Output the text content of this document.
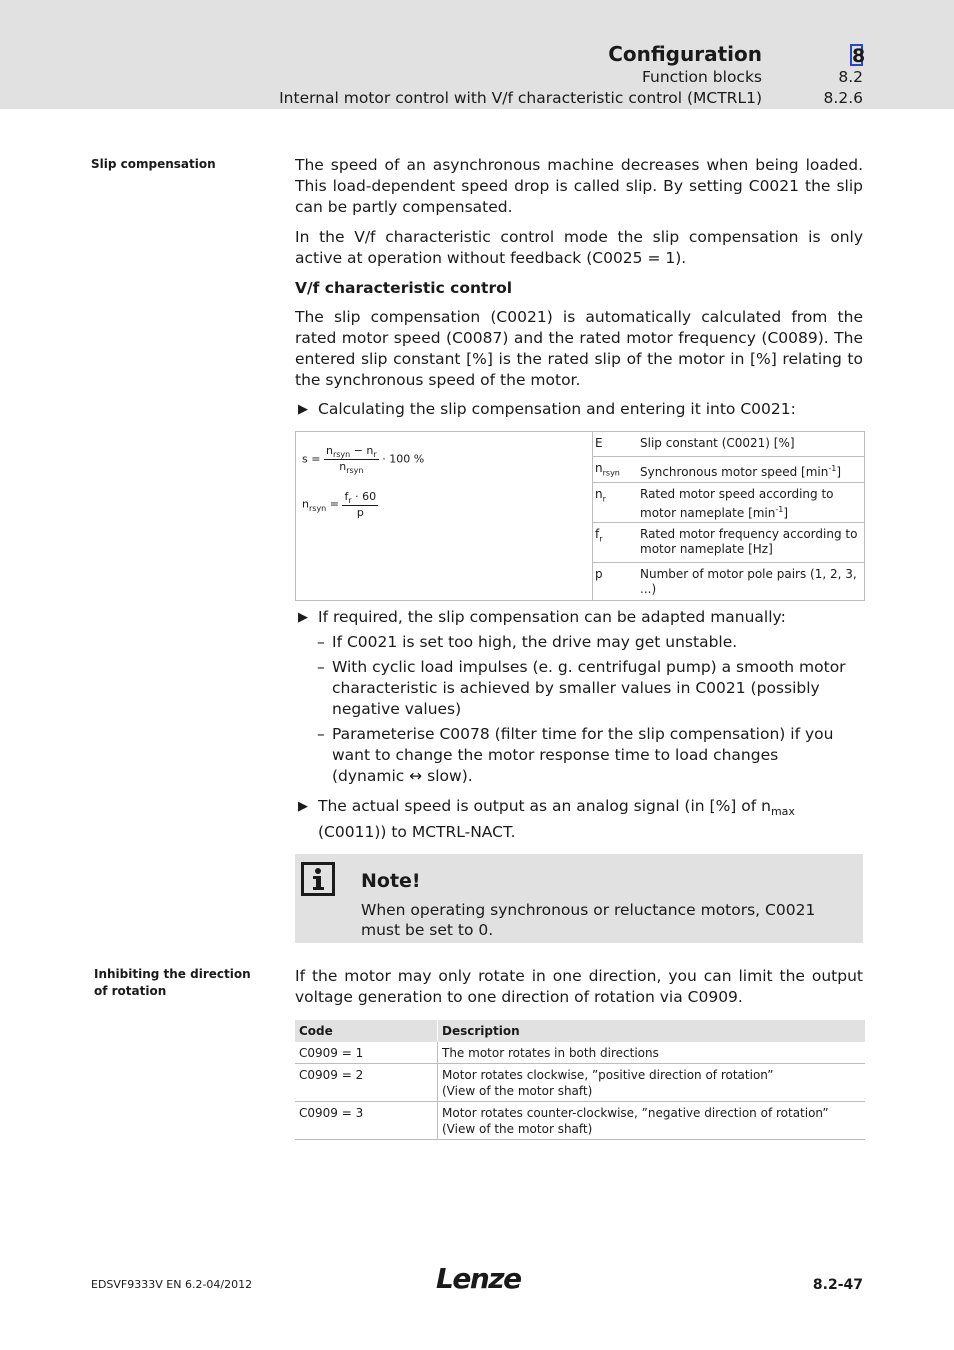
Configuration	8
Function blocks	8.2
Internal motor control with V/f characteristic control (MCTRL1)	8.2.6
Slip compensation	The speed of an asynchronous machine decreases when being loaded. This load-dependent speed drop is called slip. By setting C0021 the slip can be partly compensated.
In the V/f characteristic control mode the slip compensation is only active at operation without feedback (C0025 = 1).
V/f characteristic control
The slip compensation (C0021) is automatically calculated from the rated motor speed (C0087) and the rated motor frequency (C0089). The entered slip constant [%] is the rated slip of the motor in [%] relating to the synchronous speed of the motor.
▶ Calculating the slip compensation and entering it into C0021:
$s = \frac{n_{rsyn} - n_r}{n_{rsyn}} \cdot 100$ %
$n_{rsyn} = \frac{f_r \cdot 60}{p}$
E	Slip constant (C0021) [%]
$n_{rsyn}$ Synchronous motor speed $[\min^{-1}]$
$n_r$	Rated motor speed according to motor nameplate $[\min^{-1}]$
$f_r$	Rated motor frequency according to motor nameplate [Hz]
p	Number of motor pole pairs (1, 2, 3, ...)
▶ If required, the slip compensation can be adapted manually:
– If C0021 is set too high, the drive may get unstable.
– With cyclic load impulses (e. g. centrifugal pump) a smooth motor characteristic is achieved by smaller values in C0021 (possibly negative values)
– Parameterise C0078 (filter time for the slip compensation) if you want to change the motor response time to load changes (dynamic ↔ slow).
▶ The actual speed is output as an analog signal (in [%] of $n_{max}$ (C0011)) to MCTRL-NACT.
Note!
When operating synchronous or reluctance motors, C0021 must be set to 0.
Inhibiting the direction of rotation
If the motor may only rotate in one direction, you can limit the output voltage generation to one direction of rotation via C0909.
Code	Description
C0909 = 1	The motor rotates in both directions
C0909 = 2	Motor rotates clockwise, ”positive direction of rotation”
(View of the motor shaft)

C0909 = 3	Motor rotates counter-clockwise, ”negative direction of rotation”
(View of the motor shaft)
EDSVF9333V EN 6.2-04/2012	Lenze	8.2-47
